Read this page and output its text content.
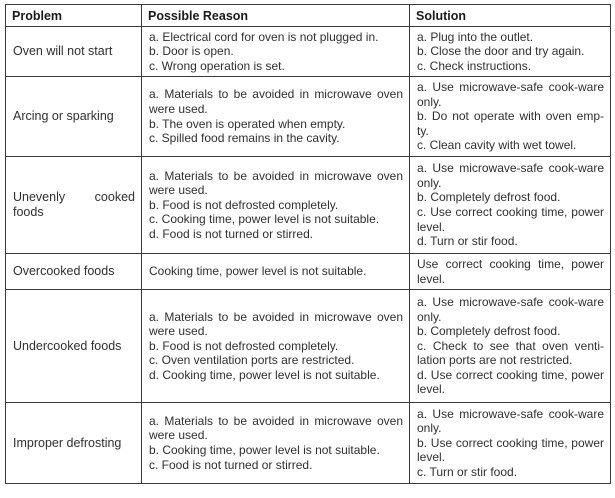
Problem	Possible Reason	Solution
Oven will not start	a. Electrical cord for oven is not plugged in.
b. Door is open.
c. Wrong operation is set.	a. Plug into the outlet.
b. Close the door and try again.
c. Check instructions.

Arcing or sparking	a. Materials to be avoided in microwave oven were used.
b. The oven is operated when empty.
c. Spilled food remains in the cavity.	a. Use microwave-safe cook-ware only.
b. Do not operate with oven emp-ty.
c. Clean cavity with wet towel.

Unevenly cooked foods	a. Materials to be avoided in microwave oven were used.
b. Food is not defrosted completely.
c. Cooking time, power level is not suitable.
d. Food is not turned or stirred.	a. Use microwave-safe cook-ware only.
b. Completely defrost food.
c. Use correct cooking time, power level.
d. Turn or stir food.

Overcooked foods	Cooking time, power level is not suitable.	Use correct cooking time, power level.

Undercooked foods	a. Materials to be avoided in microwave oven were used.
b. Food is not defrosted completely.
c. Oven ventilation ports are restricted.
d. Cooking time, power level is not suitable.	a. Use microwave-safe cook-ware only.
b. Completely defrost food.
c. Check to see that oven venti-lation ports are not restricted.
d. Use correct cooking time, power level.

Improper defrosting	a. Materials to be avoided in microwave oven were used.
b. Cooking time, power level is not suitable.
c. Food is not turned or stirred.	a. Use microwave-safe cook-ware only.
b. Use correct cooking time, power level.
c. Turn or stir food.
